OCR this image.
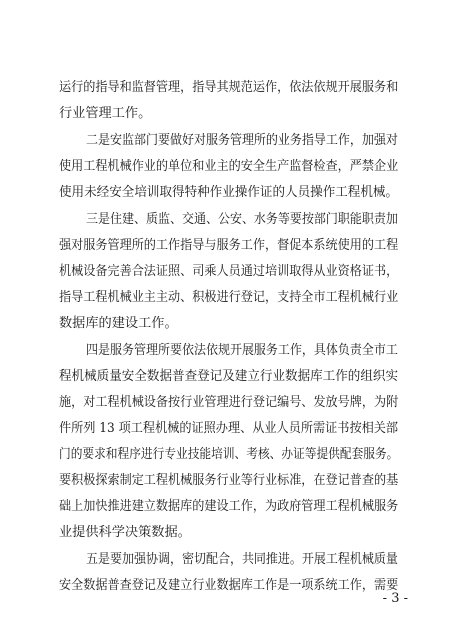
运行的指导和监督管理，指导其规范运作，依法依规开展服务和
行业管理工作。
二是安监部门要做好对服务管理所的业务指导工作，加强对
使用工程机械作业的单位和业主的安全生产监督检查，严禁企业
使用未经安全培训取得特种作业操作证的人员操作工程机械。
三是住建、质监、交通、公安、水务等要按部门职能职责加
强对服务管理所的工作指导与服务工作，督促本系统使用的工程
机械设备完善合法证照、司乘人员通过培训取得从业资格证书，
指导工程机械业主主动、积极进行登记，支持全市工程机械行业
数据库的建设工作。
四是服务管理所要依法依规开展服务工作，具体负责全市工
程机械质量安全数据普查登记及建立行业数据库工作的组织实
施，对工程机械设备按行业管理进行登记编号、发放号牌，为附
件所列 13 项工程机械的证照办理、从业人员所需证书按相关部
门的要求和程序进行专业技能培训、考核、办证等提供配套服务。
要积极探索制定工程机械服务行业等行业标准，在登记普查的基
础上加快推进建立数据库的建设工作，为政府管理工程机械服务
业提供科学决策数据。
五是要加强协调，密切配合，共同推进。开展工程机械质量
安全数据普查登记及建立行业数据库工作是一项系统工作，需要
- 3 -
